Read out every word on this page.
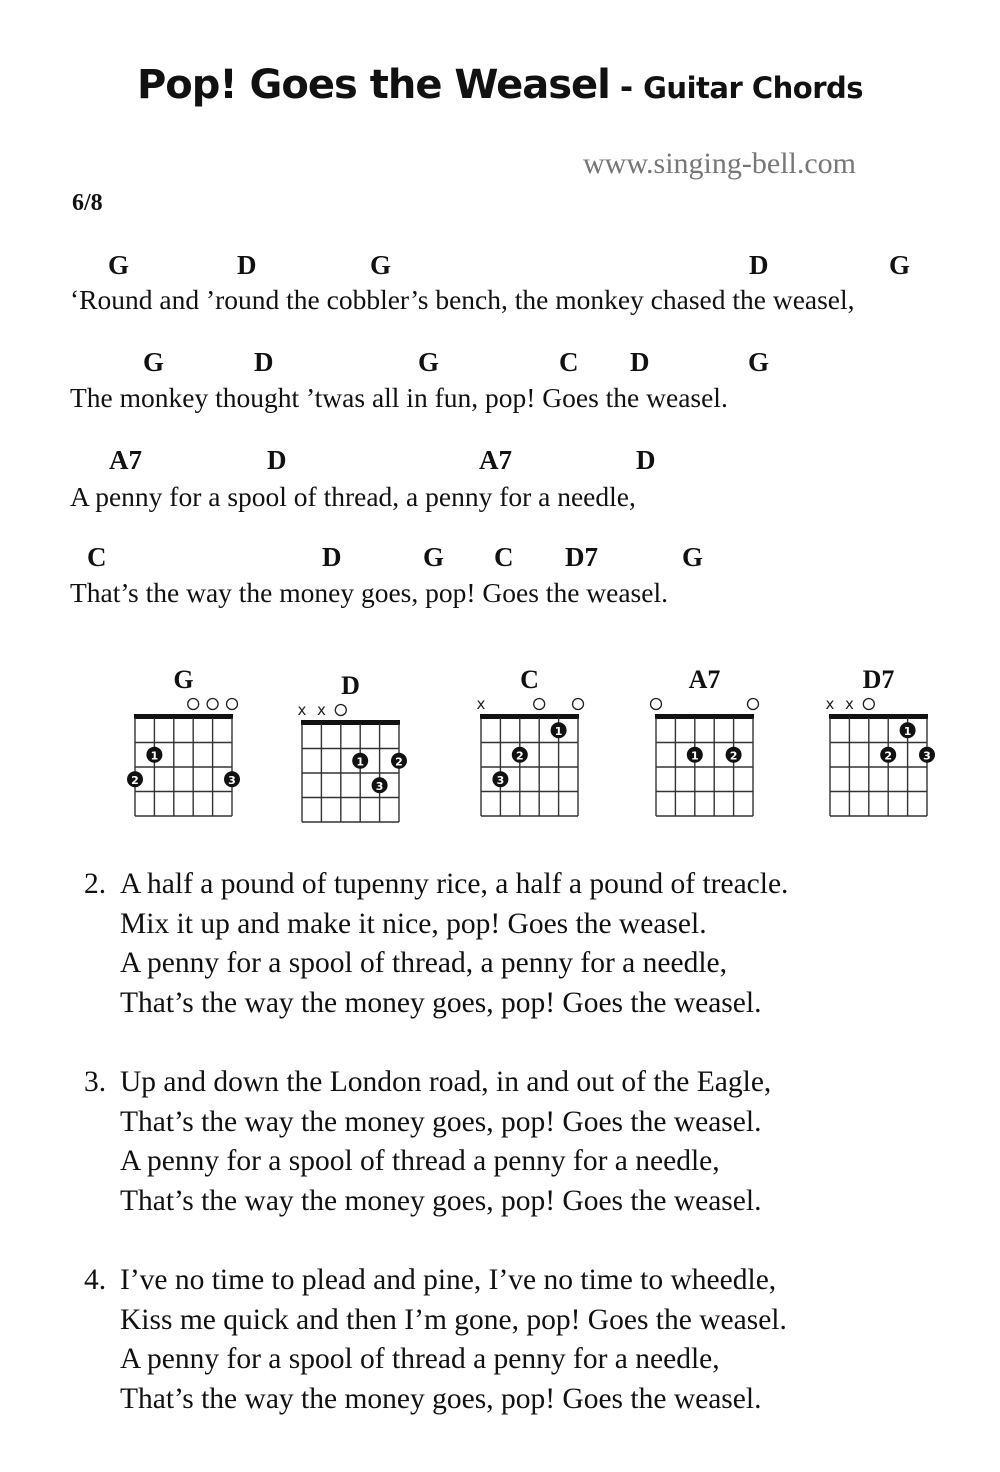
Pop! Goes the Weasel - Guitar Chords
www.singing-bell.com
6/8
G	D	G	D	G
‘Round and ’round the cobbler’s bench, the monkey chased the weasel,
G	D	G	C D	G
The monkey thought ’twas all in fun, pop! Goes the weasel.
A7	D	A7	D
A penny for a spool of thread, a penny for a needle,
C	D	G C D7	G
That’s the way the money goes, pop! Goes the weasel.
G
2
1
3
D
x x
1
3
2
C
x
3
2
1
A7
1	2
D7
x x
2
1
3
2. A half a pound of tupenny rice, a half a pound of treacle.
Mix it up and make it nice, pop! Goes the weasel.
A penny for a spool of thread, a penny for a needle,
That’s the way the money goes, pop! Goes the weasel.
3. Up and down the London road, in and out of the Eagle,
That’s the way the money goes, pop! Goes the weasel.
A penny for a spool of thread a penny for a needle,
That’s the way the money goes, pop! Goes the weasel.
4. I’ve no time to plead and pine, I’ve no time to wheedle,
Kiss me quick and then I’m gone, pop! Goes the weasel.
A penny for a spool of thread a penny for a needle,
That’s the way the money goes, pop! Goes the weasel.
